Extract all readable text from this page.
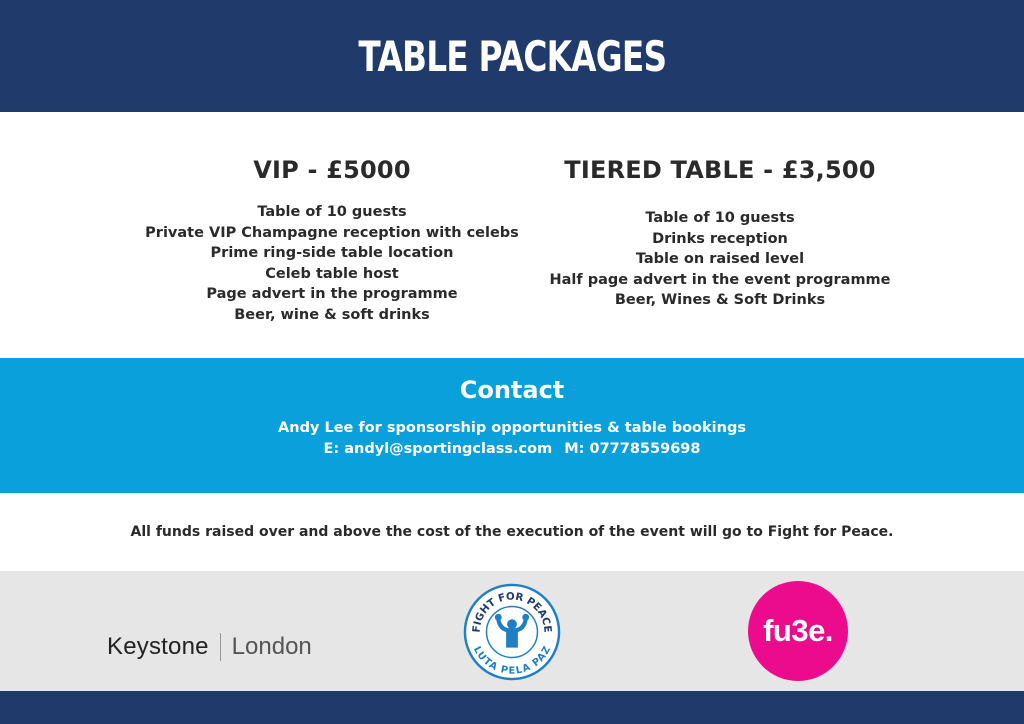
TABLE PACKAGES
VIP - £5000
Table of 10 guests
Private VIP Champagne reception with celebs
Prime ring-side table location
Celeb table host
Page advert in the programme
Beer, wine & soft drinks
TIERED TABLE - £3,500
Table of 10 guests
Drinks reception
Table on raised level
Half page advert in the event programme
Beer, Wines & Soft Drinks
Contact

Andy Lee for sponsorship opportunities & table bookings

E: andyl@sportingclass.com M: 07778559698

All funds raised over and above the cost of the execution of the event will go to Fight for Peace.

Keystone London
FIGHT FOR PEACE
LUTA PELA PAZ
fu3e.
